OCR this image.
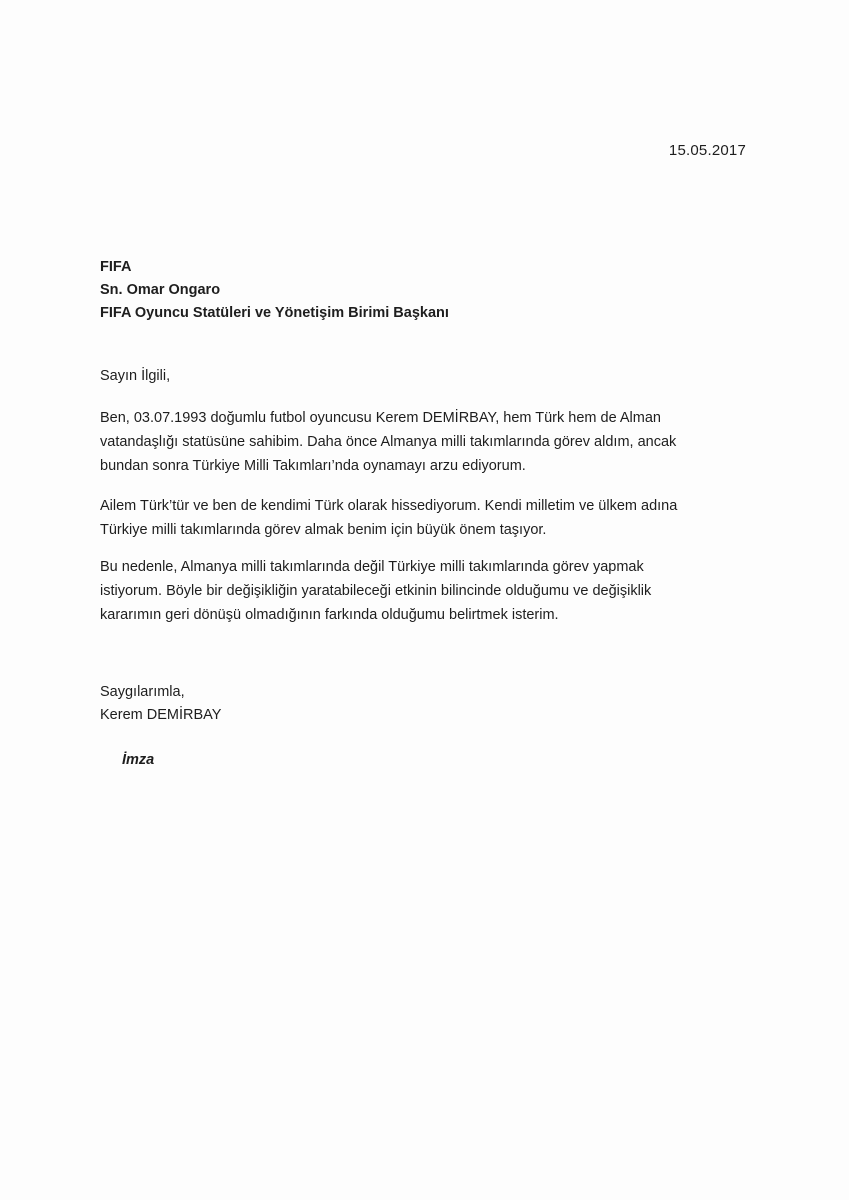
15.05.2017
FIFA
Sn. Omar Ongaro
FIFA Oyuncu Statüleri ve Yönetişim Birimi Başkanı
Sayın İlgili,
Ben, 03.07.1993 doğumlu futbol oyuncusu Kerem DEMİRBAY, hem Türk hem de Alman
vatandaşlığı statüsüne sahibim. Daha önce Almanya milli takımlarında görev aldım, ancak
bundan sonra Türkiye Milli Takımları’nda oynamayı arzu ediyorum.
Ailem Türk’tür ve ben de kendimi Türk olarak hissediyorum. Kendi milletim ve ülkem adına
Türkiye milli takımlarında görev almak benim için büyük önem taşıyor.
Bu nedenle, Almanya milli takımlarında değil Türkiye milli takımlarında görev yapmak
istiyorum. Böyle bir değişikliğin yaratabileceği etkinin bilincinde olduğumu ve değişiklik
kararımın geri dönüşü olmadığının farkında olduğumu belirtmek isterim.
Saygılarımla,
Kerem DEMİRBAY
İmza
